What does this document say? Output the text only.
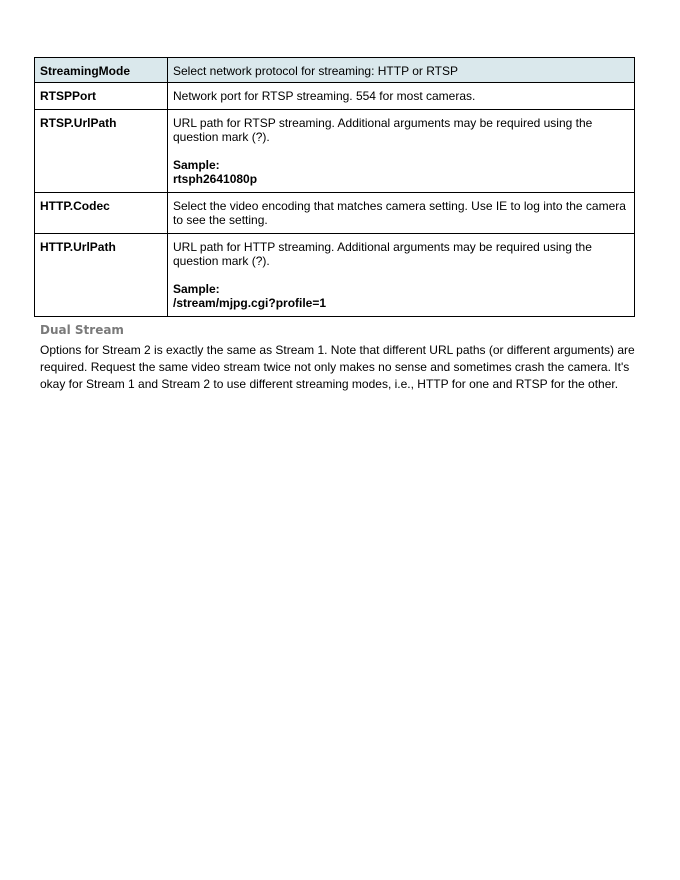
StreamingMode	Select network protocol for streaming: HTTP or RTSP
RTSPPort	Network port for RTSP streaming. 554 for most cameras.
RTSP.UrlPath	URL path for RTSP streaming. Additional arguments may be required using the question mark (?).
Sample:
rtsph2641080p

HTTP.Codec	Select the video encoding that matches camera setting. Use IE to log into the camera to see the setting.
HTTP.UrlPath	URL path for HTTP streaming. Additional arguments may be required using the question mark (?).
Sample:
/stream/mjpg.cgi?profile=1
Dual Stream

Options for Stream 2 is exactly the same as Stream 1. Note that different URL paths (or different arguments) are required. Request the same video stream twice not only makes no sense and sometimes crash the camera. It's okay for Stream 1 and Stream 2 to use different streaming modes, i.e., HTTP for one and RTSP for the other.
